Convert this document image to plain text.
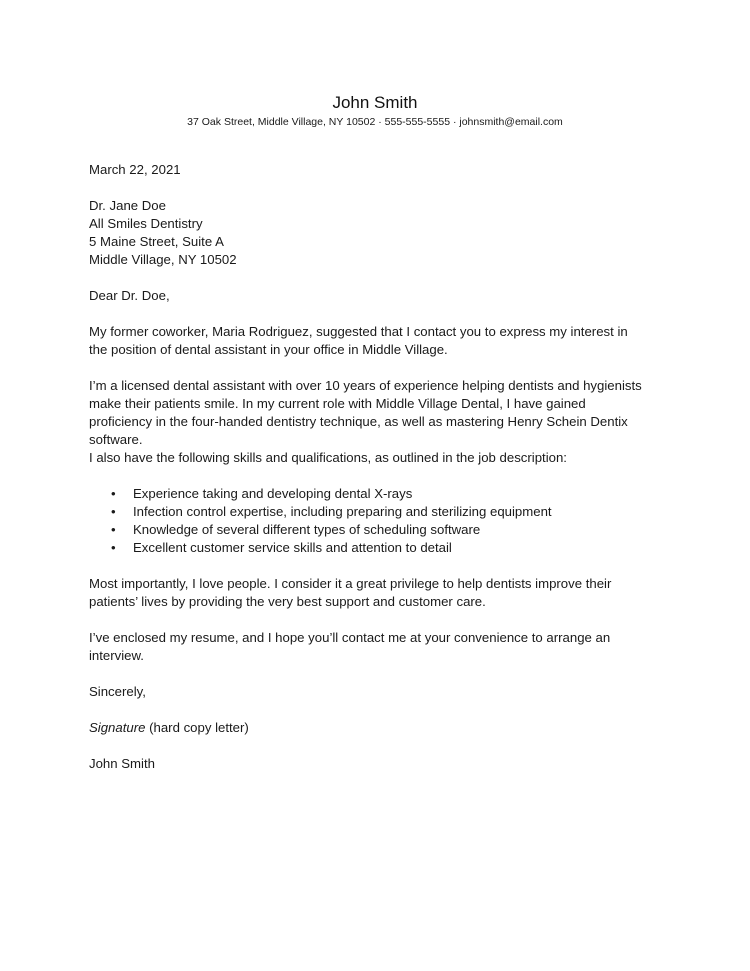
John Smith
37 Oak Street, Middle Village, NY 10502 · 555-555-5555 · johnsmith@email.com
March 22, 2021
Dr. Jane Doe
All Smiles Dentistry
5 Maine Street, Suite A
Middle Village, NY 10502
Dear Dr. Doe,
My former coworker, Maria Rodriguez, suggested that I contact you to express my interest in
the position of dental assistant in your office in Middle Village.
I’m a licensed dental assistant with over 10 years of experience helping dentists and hygienists
make their patients smile. In my current role with Middle Village Dental, I have gained
proficiency in the four-handed dentistry technique, as well as mastering Henry Schein Dentix
software.
I also have the following skills and qualifications, as outlined in the job description:
• Experience taking and developing dental X-rays
• Infection control expertise, including preparing and sterilizing equipment
• Knowledge of several different types of scheduling software
• Excellent customer service skills and attention to detail
Most importantly, I love people. I consider it a great privilege to help dentists improve their
patients’ lives by providing the very best support and customer care.
I’ve enclosed my resume, and I hope you’ll contact me at your convenience to arrange an
interview.
Sincerely,
Signature (hard copy letter)
John Smith
